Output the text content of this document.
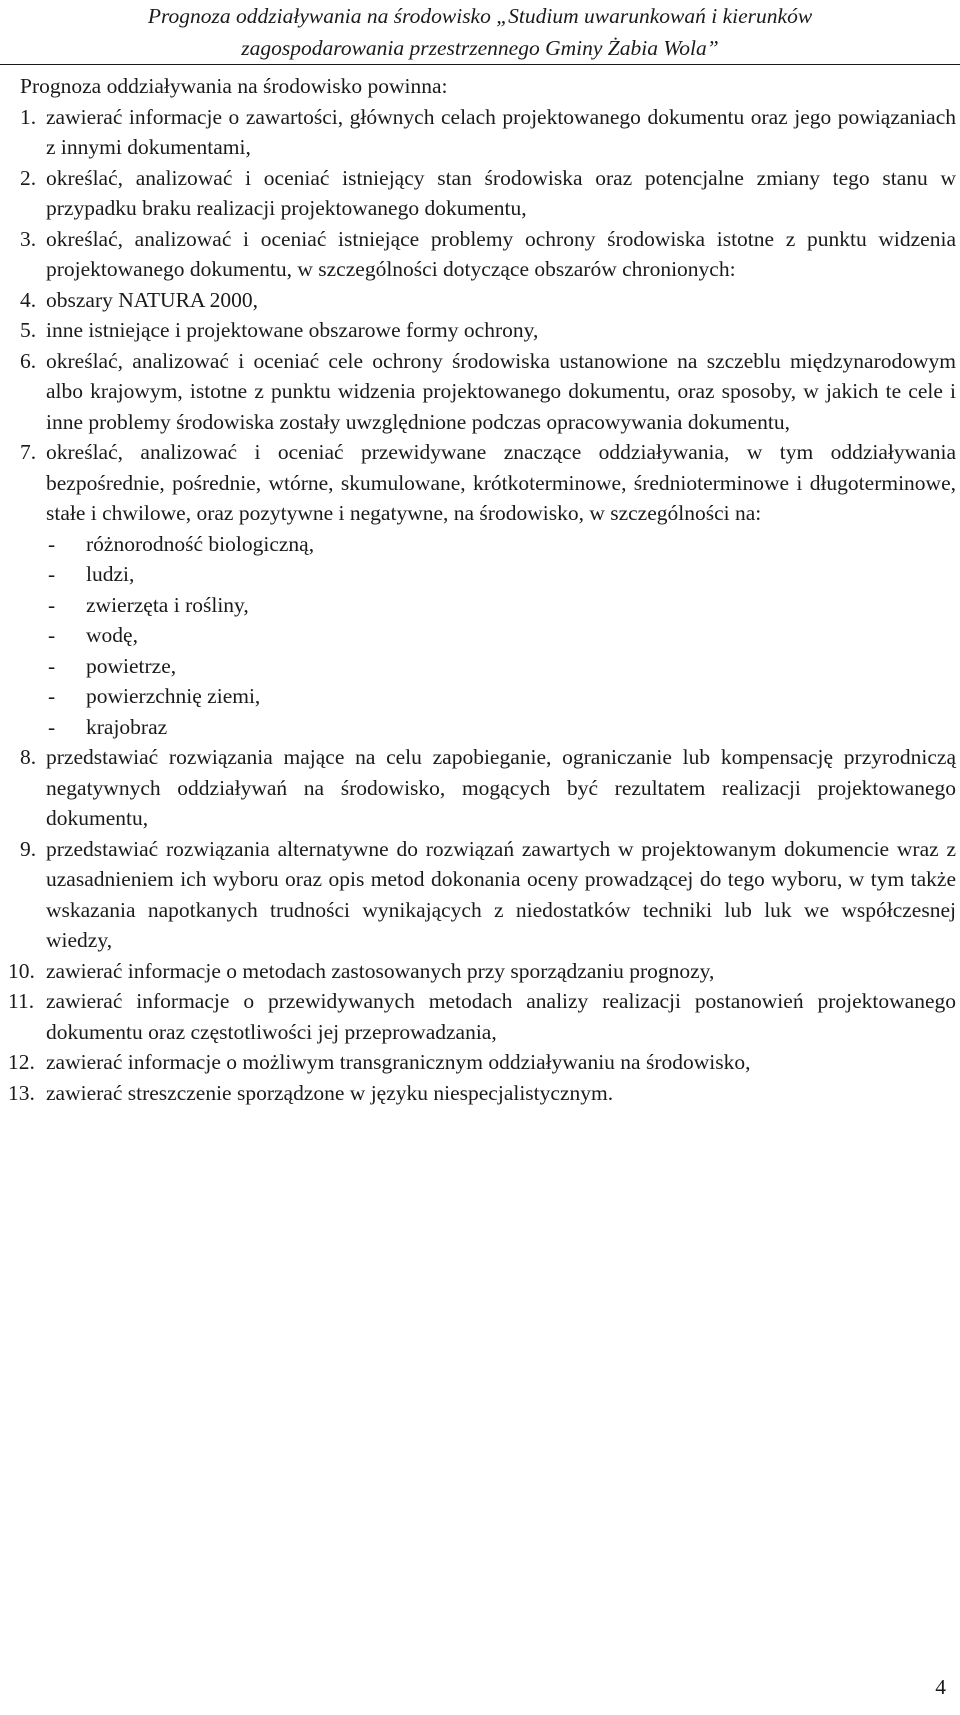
Prognoza oddziaływania na środowisko „Studium uwarunkowań i kierunków
zagospodarowania przestrzennego Gminy Żabia Wola”

Prognoza oddziaływania na środowisko powinna:

1. zawierać informacje o zawartości, głównych celach projektowanego dokumentu oraz jego powiązaniach z innymi dokumentami,
2. określać, analizować i oceniać istniejący stan środowiska oraz potencjalne zmiany tego stanu w przypadku braku realizacji projektowanego dokumentu,
3. określać, analizować i oceniać istniejące problemy ochrony środowiska istotne z punktu widzenia projektowanego dokumentu, w szczególności dotyczące obszarów chronionych:
4. obszary NATURA 2000,
5. inne istniejące i projektowane obszarowe formy ochrony,
6. określać, analizować i oceniać cele ochrony środowiska ustanowione na szczeblu międzynarodowym albo krajowym, istotne z punktu widzenia projektowanego dokumentu, oraz sposoby, w jakich te cele i inne problemy środowiska zostały uwzględnione podczas opracowywania dokumentu,
7. określać, analizować i oceniać przewidywane znaczące oddziaływania, w tym oddziaływania bezpośrednie, pośrednie, wtórne, skumulowane, krótkoterminowe, średnioterminowe i długoterminowe, stałe i chwilowe, oraz pozytywne i negatywne, na środowisko, w szczególności na:
- różnorodność biologiczną,
- ludzi,
- zwierzęta i rośliny,
- wodę,
- powietrze,
- powierzchnię ziemi,
- krajobraz
8. przedstawiać rozwiązania mające na celu zapobieganie, ograniczanie lub kompensację przyrodniczą negatywnych oddziaływań na środowisko, mogących być rezultatem realizacji projektowanego dokumentu,
9. przedstawiać rozwiązania alternatywne do rozwiązań zawartych w projektowanym dokumencie wraz z uzasadnieniem ich wyboru oraz opis metod dokonania oceny prowadzącej do tego wyboru, w tym także wskazania napotkanych trudności wynikających z niedostatków techniki lub luk we współczesnej wiedzy,
10. zawierać informacje o metodach zastosowanych przy sporządzaniu prognozy,
11. zawierać informacje o przewidywanych metodach analizy realizacji postanowień projektowanego dokumentu oraz częstotliwości jej przeprowadzania,
12. zawierać informacje o możliwym transgranicznym oddziaływaniu na środowisko,
13. zawierać streszczenie sporządzone w języku niespecjalistycznym.
4
